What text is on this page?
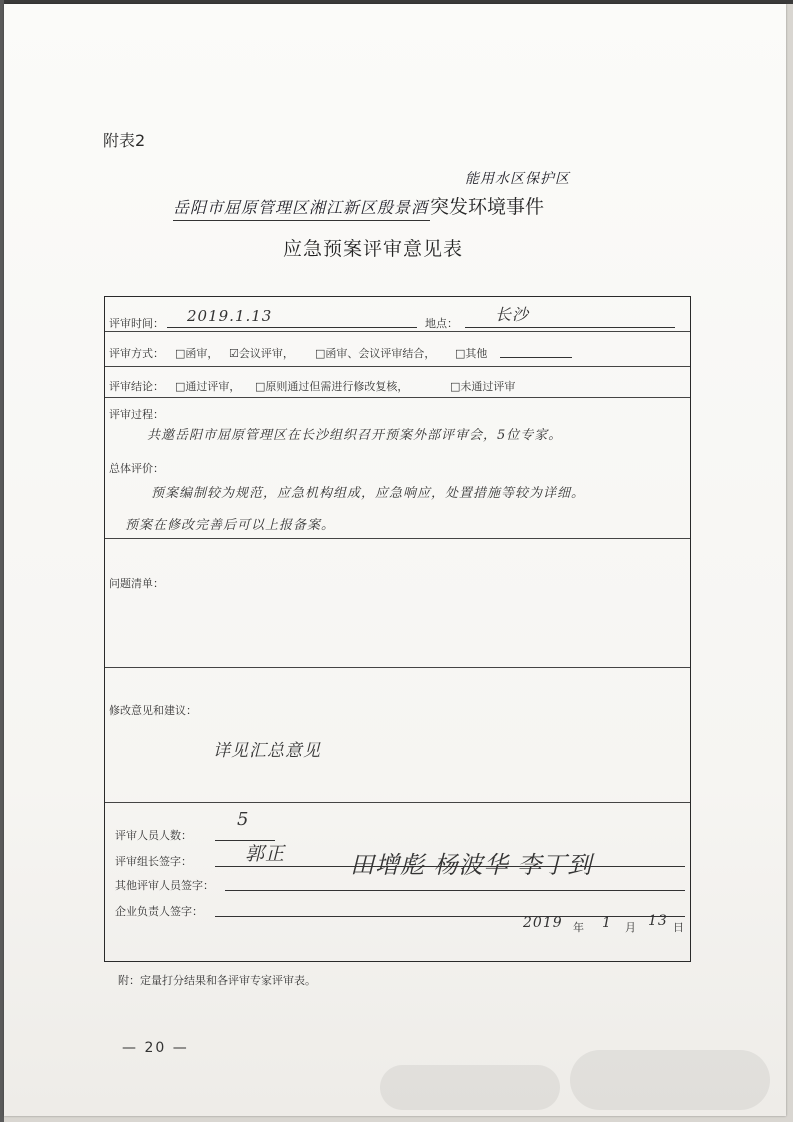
附表2
能用水区保护区
岳阳市屈原管理区湘江新区殷景酒 突发环境事件
应急预案评审意见表
评审时间： 2019.1.13	地点： 长沙
评审方式： □函审， ☑会议评审， □函审、会议评审结合， □其他
评审结论： □通过评审， □原则通过但需进行修改复核，	□未通过评审
评审过程：
共邀岳阳市屈原管理区在长沙组织召开预案外部评审会，5位专家。
总体评价：
预案编制较为规范，应急机构组成，应急响应，处置措施等较为详细。
预案在修改完善后可以上报备案。
问题清单：
修改意见和建议：
详见汇总意见
评审人员人数：
5
评审组长签字：	郭正
其他评审人员签字：
田增彪 杨波华 李丁到
企业负责人签字：
2019 年 1 月 13 日
附：定量打分结果和各评审专家评审表。
— 20 —
